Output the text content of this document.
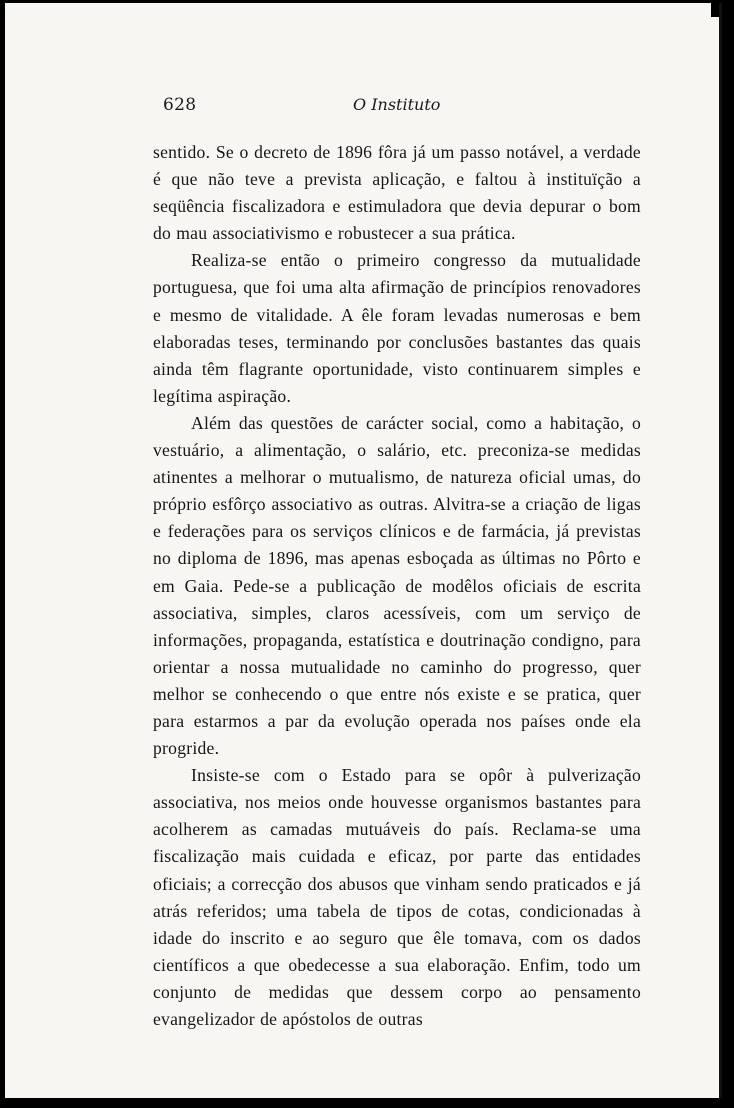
628	O Instituto

sentido. Se o decreto de 1896 fôra já um passo notável, a verdade é que não teve a prevista aplicação, e faltou à instituïção a seqüência fiscalizadora e estimuladora que devia depurar o bom do mau associativismo e robustecer a sua prática.

Realiza-se então o primeiro congresso da mutualidade portuguesa, que foi uma alta afirmação de princípios renovadores e mesmo de vitalidade. A êle foram levadas numerosas e bem elaboradas teses, terminando por conclusões bastantes das quais ainda têm flagrante oportunidade, visto continuarem simples e legítima aspiração.

Além das questões de carácter social, como a habitação, o vestuário, a alimentação, o salário, etc. preconiza-se medidas atinentes a melhorar o mutualismo, de natureza oficial umas, do próprio esfôrço associativo as outras. Alvitra-se a criação de ligas e federações para os serviços clínicos e de farmácia, já previstas no diploma de 1896, mas apenas esboçada as últimas no Pôrto e em Gaia. Pede-se a publicação de modêlos oficiais de escrita associativa, simples, claros acessíveis, com um serviço de informações, propaganda, estatística e doutrinação condigno, para orientar a nossa mutualidade no caminho do progresso, quer melhor se conhecendo o que entre nós existe e se pratica, quer para estarmos a par da evolução operada nos países onde ela progride.

Insiste-se com o Estado para se opôr à pulverização associativa, nos meios onde houvesse organismos bastantes para acolherem as camadas mutuáveis do país. Reclama-se uma fiscalização mais cuidada e eficaz, por parte das entidades oficiais; a correcção dos abusos que vinham sendo praticados e já atrás referidos; uma tabela de tipos de cotas, condicionadas à idade do inscrito e ao seguro que êle tomava, com os dados científicos a que obedecesse a sua elaboração. Enfim, todo um conjunto de medidas que dessem corpo ao pensamento evangelizador de apóstolos de outras
